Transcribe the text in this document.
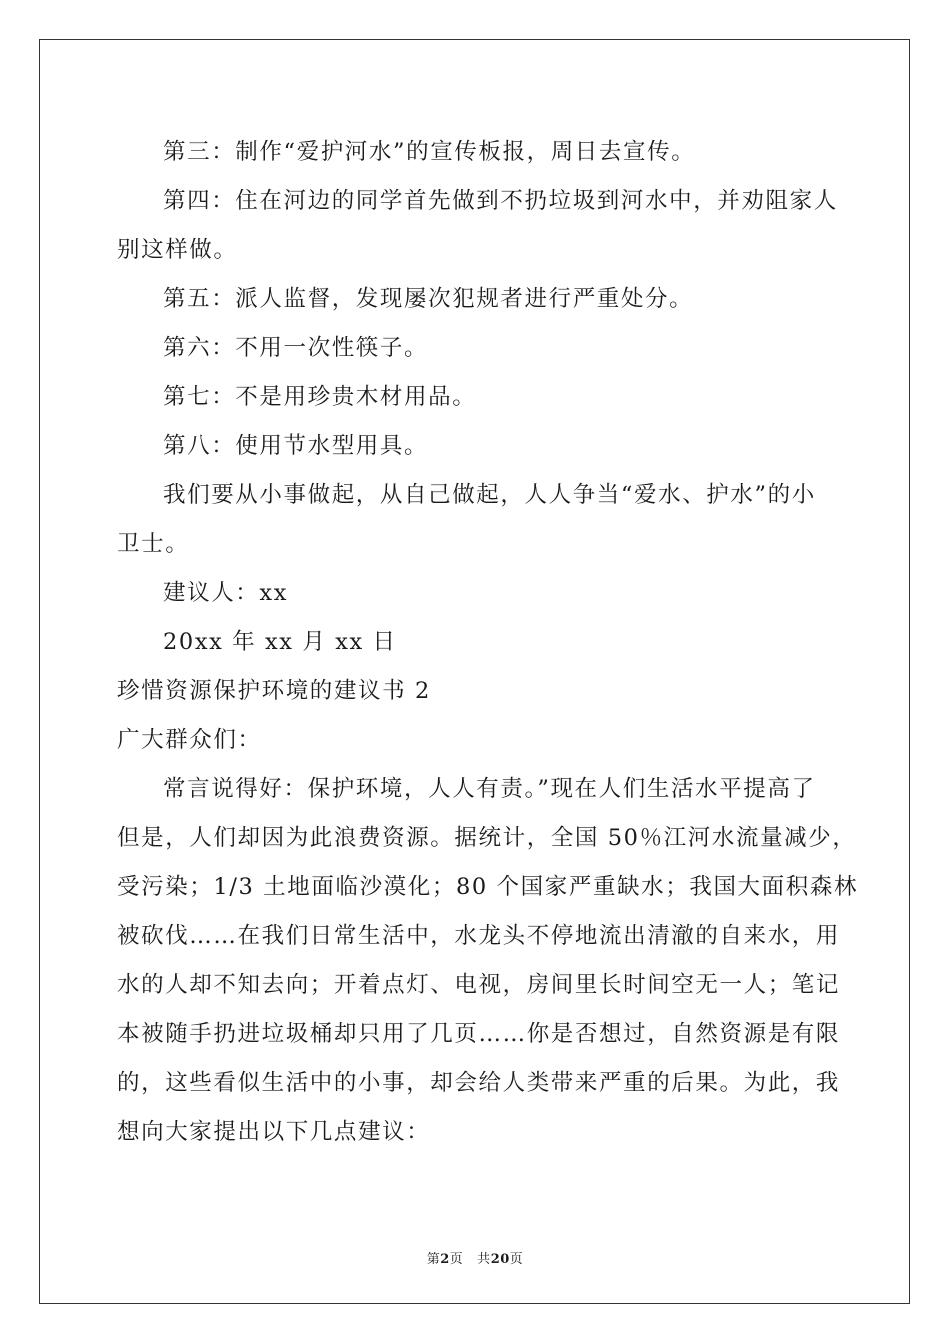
第三：制作“爱护河水”的宣传板报，周日去宣传。
第四：住在河边的同学首先做到不扔垃圾到河水中，并劝阻家人
别这样做。
第五：派人监督，发现屡次犯规者进行严重处分。
第六：不用一次性筷子。
第七：不是用珍贵木材用品。
第八：使用节水型用具。
我们要从小事做起，从自己做起，人人争当“爱水、护水”的小
卫士。
建议人：xx
20xx 年 xx 月 xx 日
珍惜资源保护环境的建议书 2
广大群众们：
常言说得好：保护环境，人人有责。”现在人们生活水平提高了
但是，人们却因为此浪费资源。据统计，全国 50％江河水流量减少，
受污染；1/3 土地面临沙漠化；80 个国家严重缺水；我国大面积森林
被砍伐……在我们日常生活中，水龙头不停地流出清澈的自来水，用
水的人却不知去向；开着点灯、电视，房间里长时间空无一人；笔记
本被随手扔进垃圾桶却只用了几页……你是否想过，自然资源是有限
的，这些看似生活中的小事，却会给人类带来严重的后果。为此，我
想向大家提出以下几点建议：
第2页 共20页
